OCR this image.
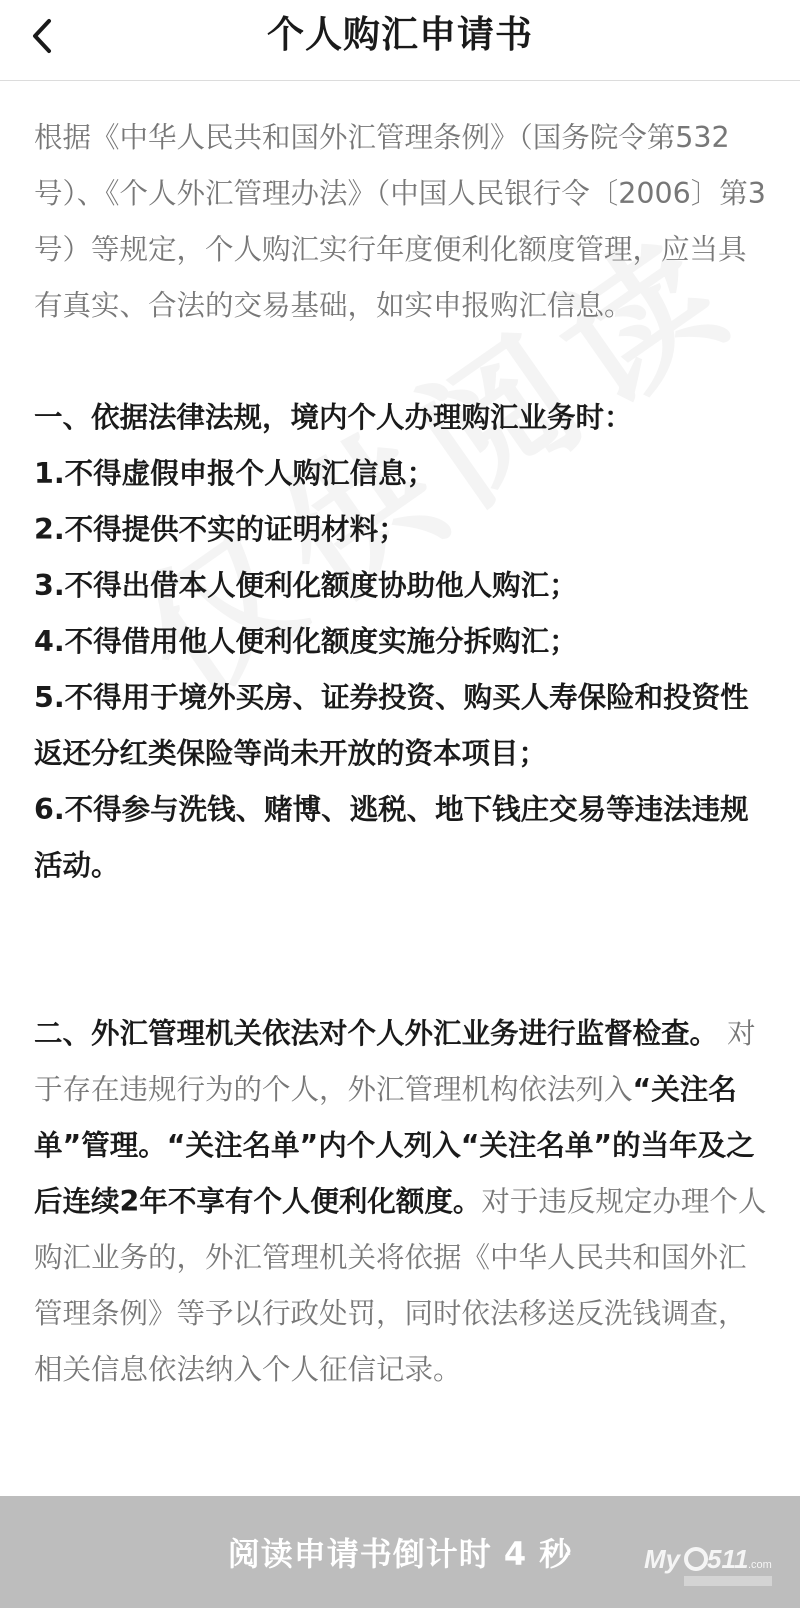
个人购汇申请书

根据《中华人民共和国外汇管理条例》（国务院令第532号）、《个人外汇管理办法》（中国人民银行令〔2006〕第3号）等规定，个人购汇实行年度便利化额度管理，应当具有真实、合法的交易基础，如实申报购汇信息。

一、依据法律法规，境内个人办理购汇业务时：
1.不得虚假申报个人购汇信息；
2.不得提供不实的证明材料；
3.不得出借本人便利化额度协助他人购汇；
4.不得借用他人便利化额度实施分拆购汇；
5.不得用于境外买房、证券投资、购买人寿保险和投资性返还分红类保险等尚未开放的资本项目；
6.不得参与洗钱、赌博、逃税、地下钱庄交易等违法违规活动。

二、外汇管理机关依法对个人外汇业务进行监督检查。 对于存在违规行为的个人，外汇管理机构依法列入“关注名单”管理。“关注名单”内个人列入“关注名单”的当年及之后连续2年不享有个人便利化额度。对于违反规定办理个人购汇业务的，外汇管理机关将依据《中华人民共和国外汇管理条例》等予以行政处罚，同时依法移送反洗钱调查，相关信息依法纳入个人征信记录。

阅读申请书倒计时 4 秒	My 511 .com
